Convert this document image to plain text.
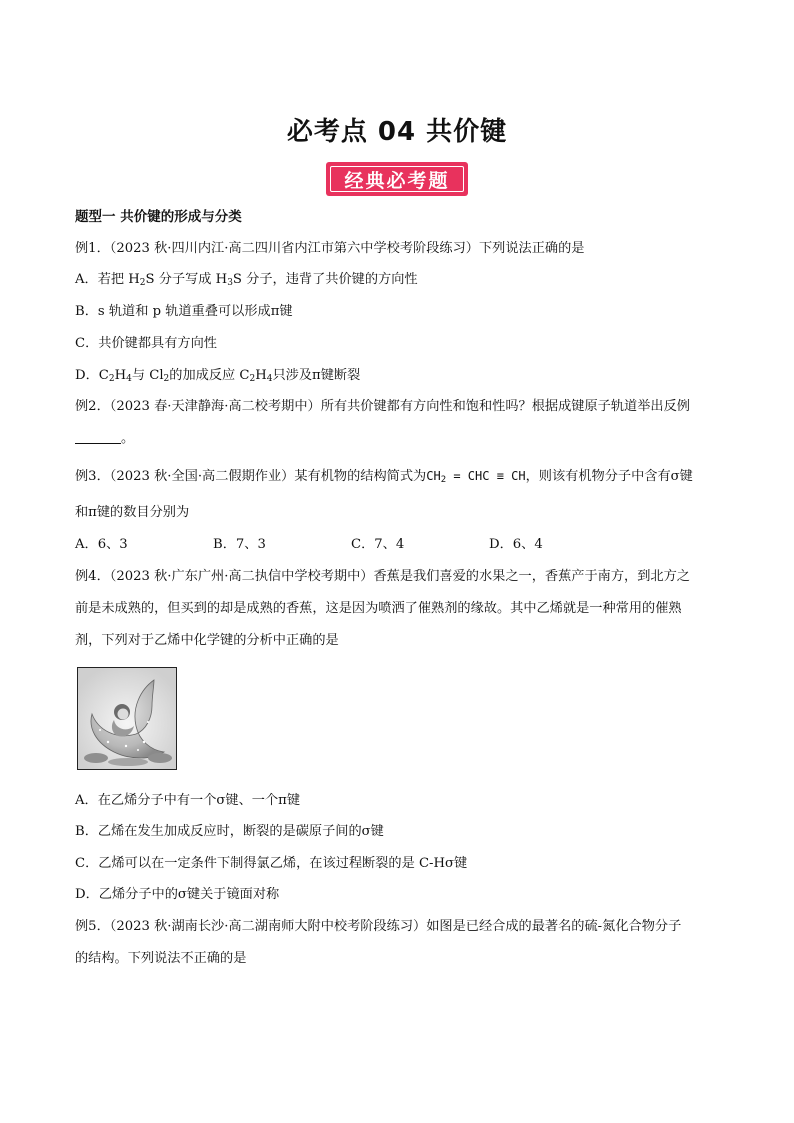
必考点 04 共价键
经典必考题
题型一 共价键的形成与分类
例1．（2023 秋·四川内江·高二四川省内江市第六中学校考阶段练习）下列说法正确的是
A．若把 $H_2S$ 分子写成 $H_3S$ 分子，违背了共价键的方向性
B．s 轨道和 p 轨道重叠可以形成π键
C．共价键都具有方向性
D．$C_2H_4$与 $Cl_2$的加成反应 $C_2H_4$只涉及π键断裂
例2．（2023 春·天津静海·高二校考期中）所有共价键都有方向性和饱和性吗？根据成键原子轨道举出反例
。
例3．（2023 秋·全国·高二假期作业）某有机物的结构简式为$CH_2$ = CHC ≡ CH，则该有机物分子中含有σ键
和π键的数目分别为
A．6、3	B．7、3	C．7、4	D．6、4
例4．（2023 秋·广东广州·高二执信中学校考期中）香蕉是我们喜爱的水果之一，香蕉产于南方，到北方之
前是未成熟的，但买到的却是成熟的香蕉，这是因为喷洒了催熟剂的缘故。其中乙烯就是一种常用的催熟
剂，下列对于乙烯中化学键的分析中正确的是
A．在乙烯分子中有一个σ键、一个π键
B．乙烯在发生加成反应时，断裂的是碳原子间的σ键
C．乙烯可以在一定条件下制得氯乙烯，在该过程断裂的是 C-Hσ键
D．乙烯分子中的σ键关于镜面对称
例5．（2023 秋·湖南长沙·高二湖南师大附中校考阶段练习）如图是已经合成的最著名的硫-氮化合物分子
的结构。下列说法不正确的是
